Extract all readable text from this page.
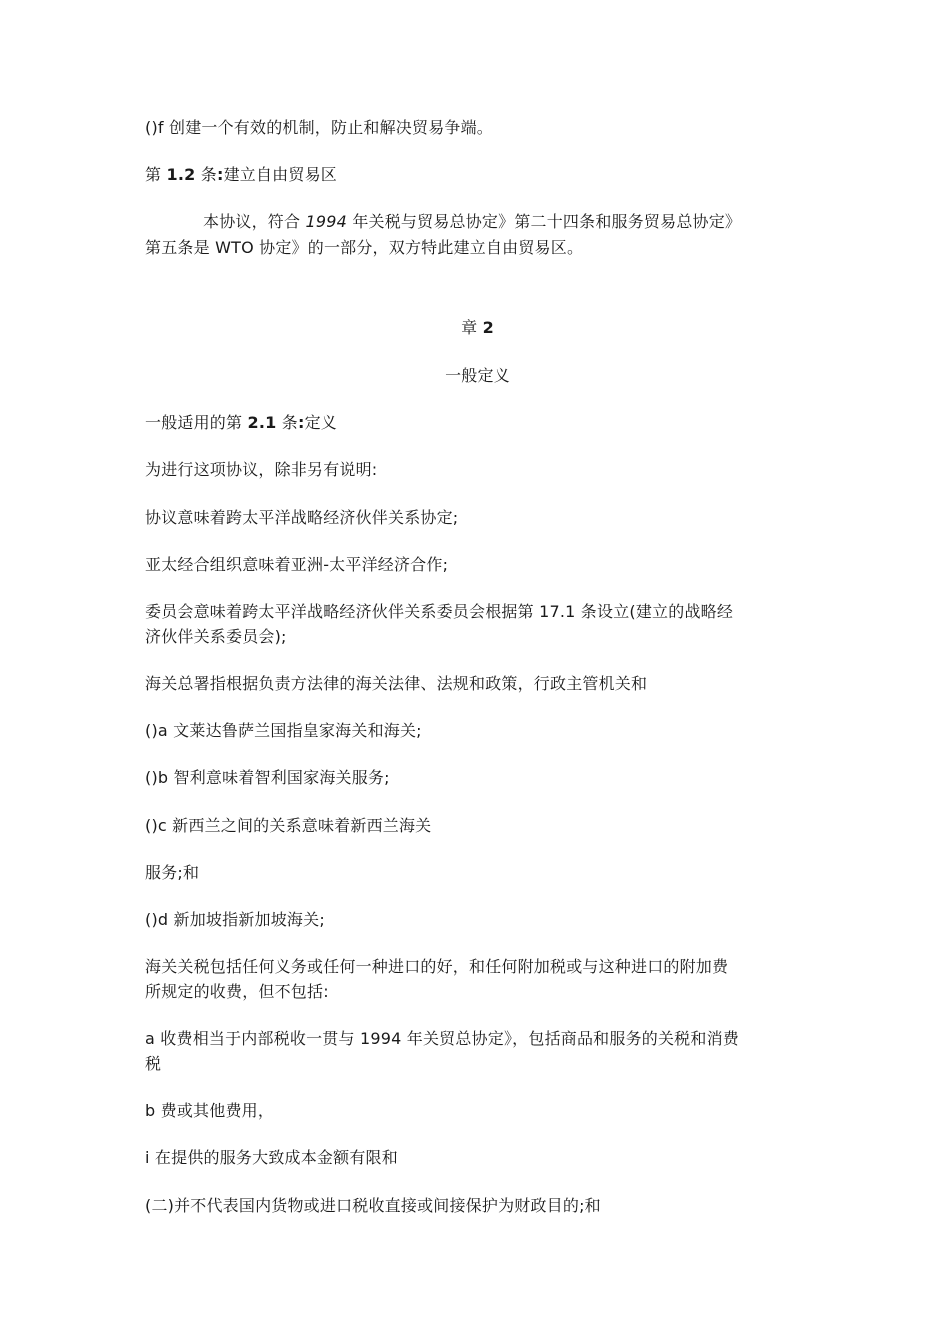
()f 创建一个有效的机制，防止和解决贸易争端。
第 1.2 条:建立自由贸易区
本协议，符合 1994 年关税与贸易总协定》第二十四条和服务贸易总协定》
第五条是 WTO 协定》的一部分，双方特此建立自由贸易区。
章 2
一般定义
一般适用的第 2.1 条:定义
为进行这项协议，除非另有说明:
协议意味着跨太平洋战略经济伙伴关系协定;
亚太经合组织意味着亚洲-太平洋经济合作;
委员会意味着跨太平洋战略经济伙伴关系委员会根据第 17.1 条设立(建立的战略经
济伙伴关系委员会);
海关总署指根据负责方法律的海关法律、法规和政策，行政主管机关和
()a 文莱达鲁萨兰国指皇家海关和海关;
()b 智利意味着智利国家海关服务;
()c 新西兰之间的关系意味着新西兰海关
服务;和
()d 新加坡指新加坡海关;
海关关税包括任何义务或任何一种进口的好，和任何附加税或与这种进口的附加费
所规定的收费，但不包括:
a 收费相当于内部税收一贯与 1994 年关贸总协定》，包括商品和服务的关税和消费
税
b 费或其他费用，
i 在提供的服务大致成本金额有限和
(二)并不代表国内货物或进口税收直接或间接保护为财政目的;和
